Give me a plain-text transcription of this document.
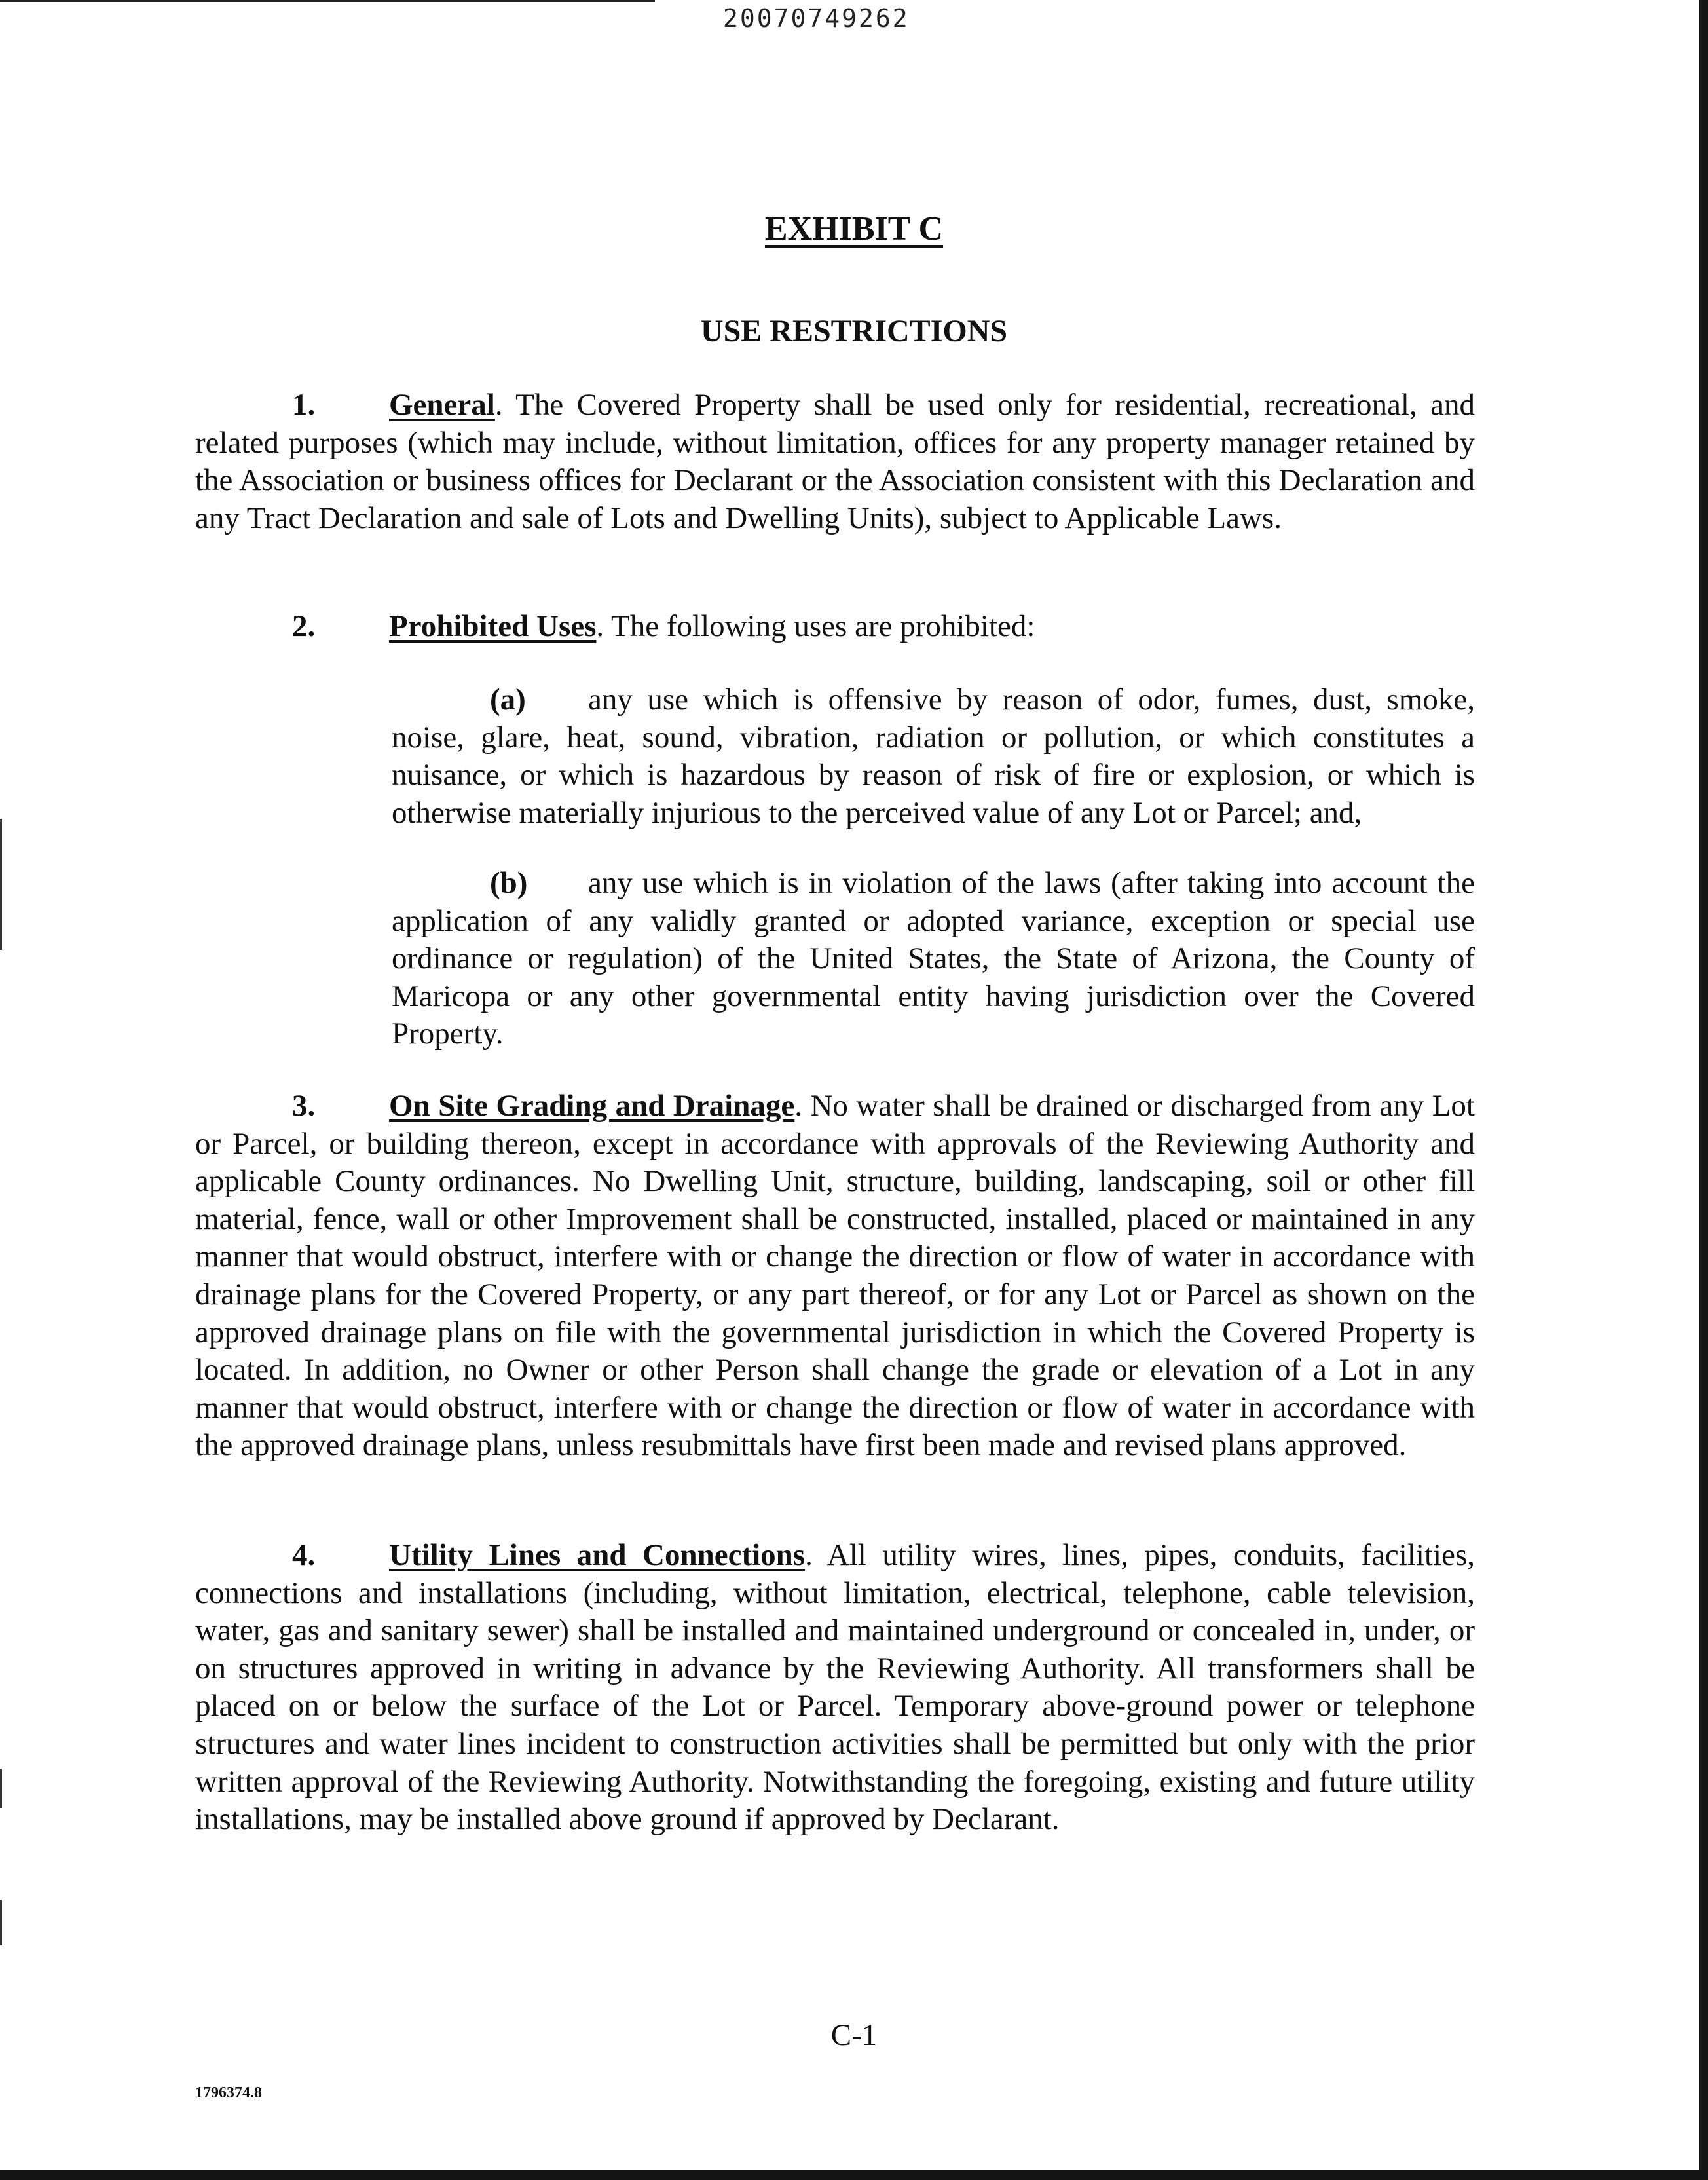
20070749262
EXHIBIT C
USE RESTRICTIONS

1. General. The Covered Property shall be used only for residential, recreational, and related purposes (which may include, without limitation, offices for any property manager retained by the Association or business offices for Declarant or the Association consistent with this Declaration and any Tract Declaration and sale of Lots and Dwelling Units), subject to Applicable Laws.

2. Prohibited Uses. The following uses are prohibited:

(a) any use which is offensive by reason of odor, fumes, dust, smoke, noise, glare, heat, sound, vibration, radiation or pollution, or which constitutes a nuisance, or which is hazardous by reason of risk of fire or explosion, or which is otherwise materially injurious to the perceived value of any Lot or Parcel; and,

(b) any use which is in violation of the laws (after taking into account the application of any validly granted or adopted variance, exception or special use ordinance or regulation) of the United States, the State of Arizona, the County of Maricopa or any other governmental entity having jurisdiction over the Covered Property.

3. On Site Grading and Drainage. No water shall be drained or discharged from any Lot or Parcel, or building thereon, except in accordance with approvals of the Reviewing Authority and applicable County ordinances. No Dwelling Unit, structure, building, landscaping, soil or other fill material, fence, wall or other Improvement shall be constructed, installed, placed or maintained in any manner that would obstruct, interfere with or change the direction or flow of water in accordance with drainage plans for the Covered Property, or any part thereof, or for any Lot or Parcel as shown on the approved drainage plans on file with the governmental jurisdiction in which the Covered Property is located. In addition, no Owner or other Person shall change the grade or elevation of a Lot in any manner that would obstruct, interfere with or change the direction or flow of water in accordance with the approved drainage plans, unless resubmittals have first been made and revised plans approved.

4. Utility Lines and Connections. All utility wires, lines, pipes, conduits, facilities, connections and installations (including, without limitation, electrical, telephone, cable television, water, gas and sanitary sewer) shall be installed and maintained underground or concealed in, under, or on structures approved in writing in advance by the Reviewing Authority. All transformers shall be placed on or below the surface of the Lot or Parcel. Temporary above-ground power or telephone structures and water lines incident to construction activities shall be permitted but only with the prior written approval of the Reviewing Authority. Notwithstanding the foregoing, existing and future utility installations, may be installed above ground if approved by Declarant.

C-1
1796374.8
